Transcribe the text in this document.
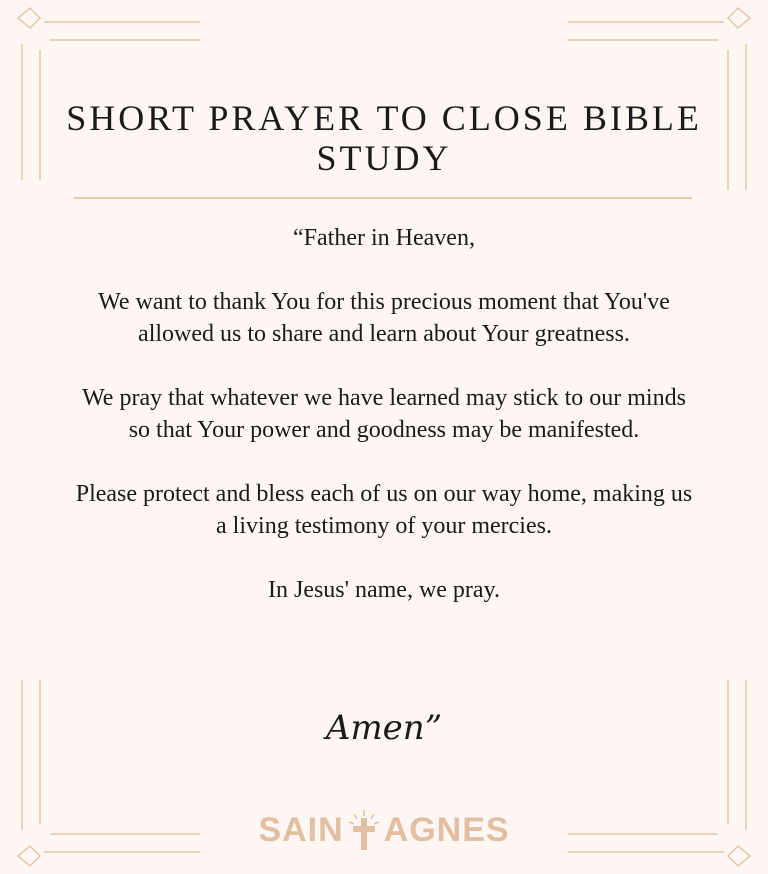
SHORT PRAYER TO CLOSE BIBLE STUDY

“Father in Heaven,

We want to thank You for this precious moment that You've allowed us to share and learn about Your greatness.

We pray that whatever we have learned may stick to our minds so that Your power and goodness may be manifested.

Please protect and bless each of us on our way home, making us a living testimony of your mercies.

In Jesus' name, we pray.

Amen”
SAIN AGNES
